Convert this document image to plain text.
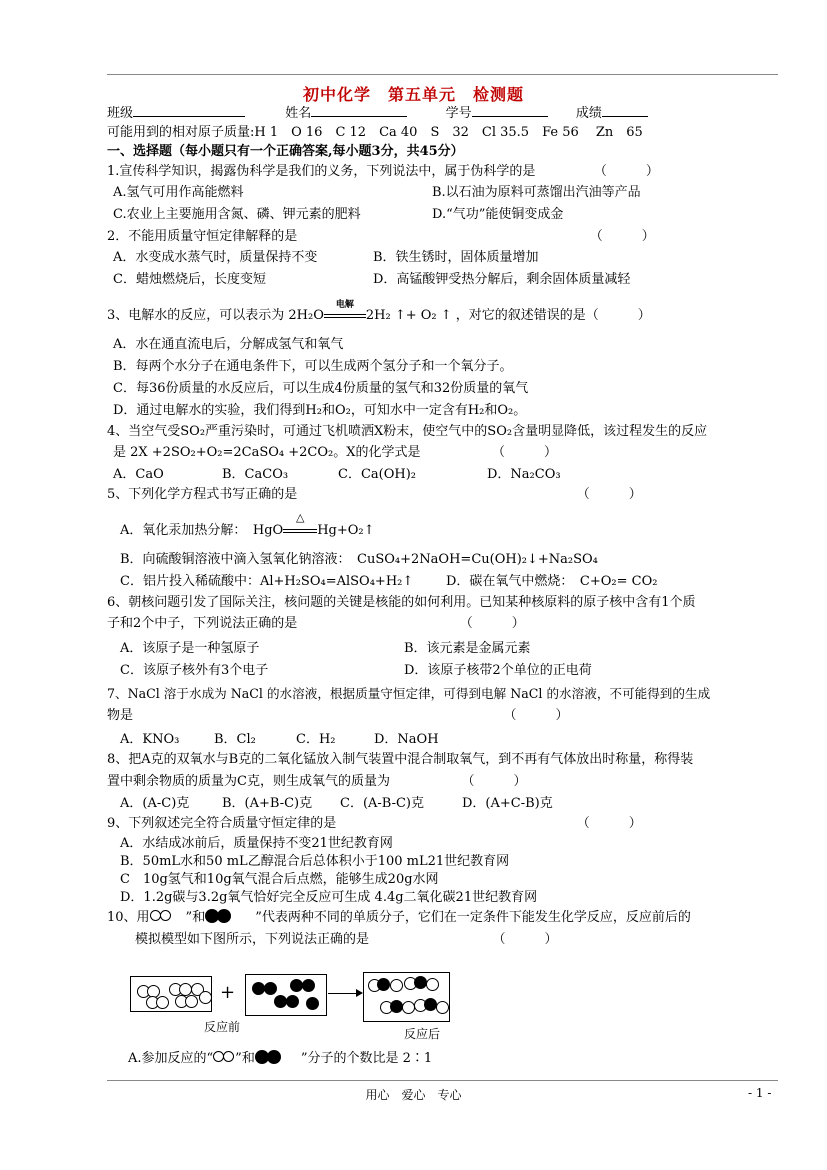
初中化学　第五单元　检测题
班级	姓名	学号	成绩
可能用到的相对原子质量:H 1　O 16　C 12　Ca 40　S　32　Cl 35.5　Fe 56　 Zn　65
一、选择题（每小题只有一个正确答案,每小题3分，共45分）
1.宣传科学知识，揭露伪科学是我们的义务，下列说法中，属于伪科学的是　　　　　（　　　）
A.氢气可用作高能燃料	B.以石油为原料可蒸馏出汽油等产品
C.农业上主要施用含氮、磷、钾元素的肥料	D.“气功”能使铜变成金
2．不能用质量守恒定律解释的是　　　　　　　　　　　　　　　　　　　　　　　（　　　）
A．水变成水蒸气时，质量保持不变	B．铁生锈时，固体质量增加
C．蜡烛燃烧后，长度变短	D．高锰酸钾受热分解后，剩余固体质量减轻
3、电解水的反应，可以表示为 2H₂O
电解
2H₂ ↑+ O₂ ↑ ，对它的叙述错误的是（　　　）
A．水在通直流电后，分解成氢气和氧气
B．每两个水分子在通电条件下，可以生成两个氢分子和一个氧分子。
C．每36份质量的水反应后，可以生成4份质量的氢气和32份质量的氧气
D．通过电解水的实验，我们得到H₂和O₂，可知水中一定含有H₂和O₂。
4、当空气受SO₂严重污染时，可通过飞机喷洒X粉末，使空气中的SO₂含量明显降低，该过程发生的反应
是 2X +2SO₂+O₂=2CaSO₄ +2CO₂。X的化学式是　　　　　　（　　　）
A．CaO	B．CaCO₃	C．Ca(OH)₂	D．Na₂CO₃
5、下列化学方程式书写正确的是　　　　　　　　　　　　　　　　　　　　　　（　　　）
A．氧化汞加热分解：　HgO
△
Hg+O₂↑
B．向硫酸铜溶液中滴入氢氧化钠溶液：　CuSO₄+2NaOH=Cu(OH)₂↓+Na₂SO₄
C．铝片投入稀硫酸中：Al+H₂SO₄=AlSO₄+H₂↑	D．碳在氧气中燃烧：　C+O₂= CO₂
6、朝核问题引发了国际关注，核问题的关键是核能的如何利用。已知某种核原料的原子核中含有1个质
子和2个中子，下列说法正确的是　　　　　　　　　　　　　（　　　）
A．该原子是一种氢原子	B．该元素是金属元素
C．该原子核外有3个电子	D．该原子核带2个单位的正电荷
7、NaCl 溶于水成为 NaCl 的水溶液，根据质量守恒定律，可得到电解 NaCl 的水溶液，不可能得到的生成
物是　　　　　　　　　　　　　　　　　　　　　　　　　　　　　（　　　）
A．KNO₃	B．Cl₂	C．H₂	D．NaOH
8、把A克的双氧水与B克的二氧化锰放入制气装置中混合制取氧气，到不再有气体放出时称量，称得装
置中剩余物质的质量为C克，则生成氧气的质量为　　　　　　（　　　）
A．(A-C)克	B．(A+B-C)克 C．(A-B-C)克	D．(A+C-B)克
9、下列叙述完全符合质量守恒定律的是　　　　　　　　　　　　　　　　　　　（　　　）
A．水结成冰前后，质量保持不变21世纪教育网
B．50mL水和50 mL乙醇混合后总体积小于100 mL21世纪教育网
C　10g氢气和10g氧气混合后点燃，能够生成20g水网
D．1.2g碳与3.2g氧气恰好完全反应可生成 4.4g二氧化碳21世纪教育网
10、用	”和	”代表两种不同的单质分子，它们在一定条件下能发生化学反应，反应前后的
模拟模型如下图所示，下列说法正确的是　　　　　　　　　　（　　　）
+
反应前	反应后
A.参加反应的“ ”和	”分子的个数比是 2∶1
用心　爱心　专心	- 1 -
